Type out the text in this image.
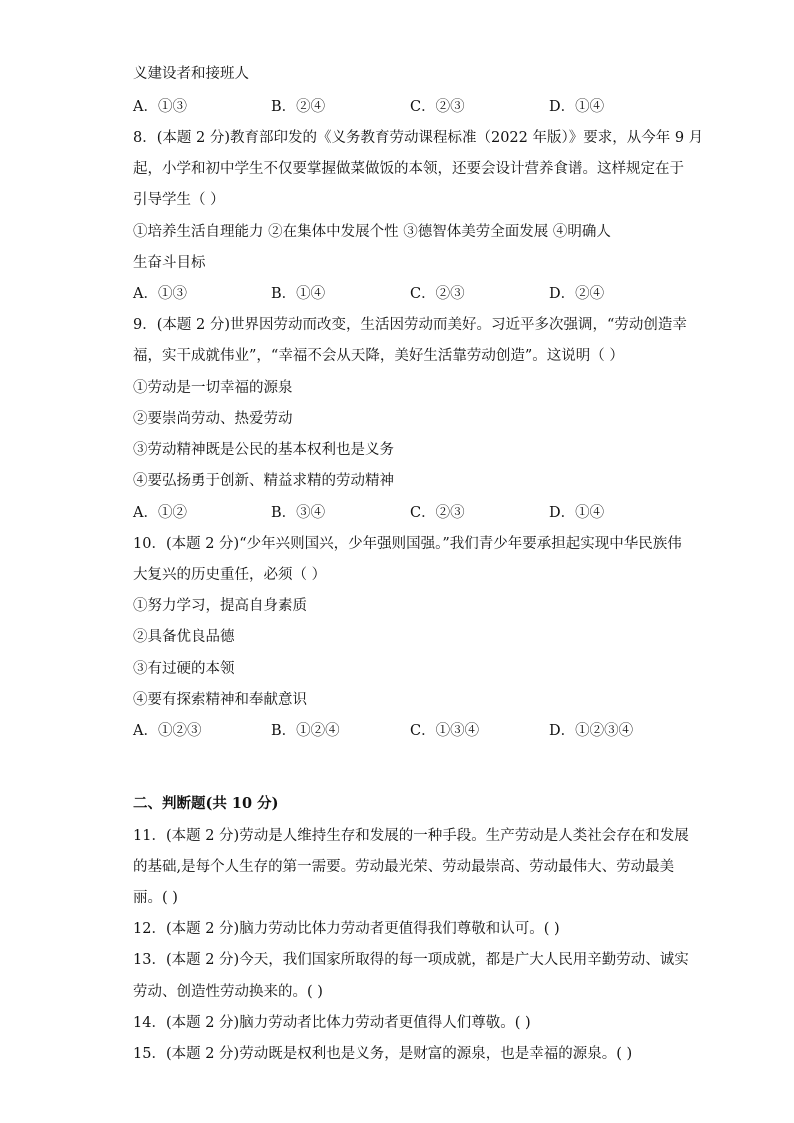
义建设者和接班人
A．①③	B．②④	C．②③	D．①④
8．(本题 2 分)教育部印发的《义务教育劳动课程标准（2022 年版）》要求，从今年 9 月
起，小学和初中学生不仅要掌握做菜做饭的本领，还要会设计营养食谱。这样规定在于
引导学生（ ）
①培养生活自理能力 ②在集体中发展个性 ③德智体美劳全面发展 ④明确人
生奋斗目标
A．①③	B．①④	C．②③	D．②④
9．(本题 2 分)世界因劳动而改变，生活因劳动而美好。习近平多次强调，“劳动创造幸
福，实干成就伟业”，“幸福不会从天降，美好生活靠劳动创造”。这说明（ ）
①劳动是一切幸福的源泉
②要崇尚劳动、热爱劳动
③劳动精神既是公民的基本权利也是义务
④要弘扬勇于创新、精益求精的劳动精神
A．①②	B．③④	C．②③	D．①④
10．(本题 2 分)“少年兴则国兴，少年强则国强。”我们青少年要承担起实现中华民族伟
大复兴的历史重任，必须（ ）
①努力学习，提高自身素质
②具备优良品德
③有过硬的本领
④要有探索精神和奉献意识
A．①②③	B．①②④	C．①③④	D．①②③④
二、判断题(共 10 分)
11．(本题 2 分)劳动是人维持生存和发展的一种手段。生产劳动是人类社会存在和发展
的基础,是每个人生存的第一需要。劳动最光荣、劳动最崇高、劳动最伟大、劳动最美
丽。( )
12．(本题 2 分)脑力劳动比体力劳动者更值得我们尊敬和认可。( )
13．(本题 2 分)今天，我们国家所取得的每一项成就，都是广大人民用辛勤劳动、诚实
劳动、创造性劳动换来的。( )
14．(本题 2 分)脑力劳动者比体力劳动者更值得人们尊敬。( )
15．(本题 2 分)劳动既是权利也是义务，是财富的源泉，也是幸福的源泉。( )
